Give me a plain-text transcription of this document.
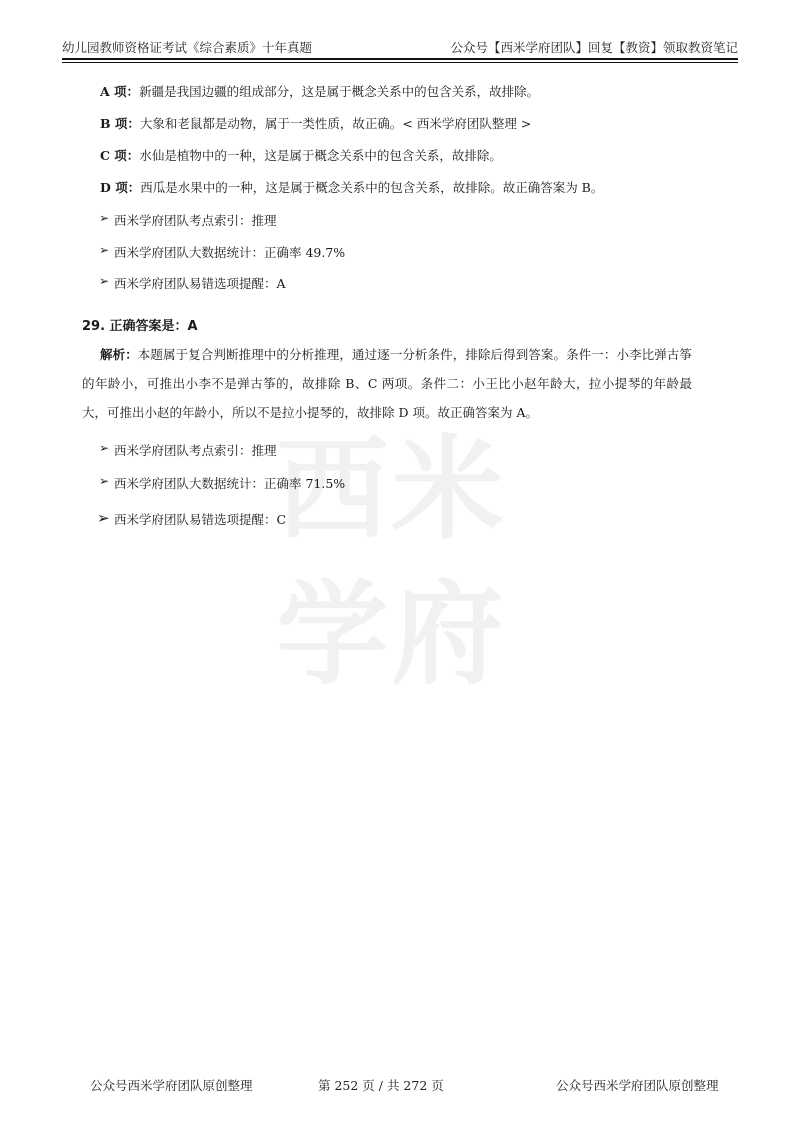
幼儿园教师资格证考试《综合素质》十年真题	公众号【西米学府团队】回复【教资】领取教资笔记
西 米
学 府
A 项：新疆是我国边疆的组成部分，这是属于概念关系中的包含关系，故排除。
B 项：大象和老鼠都是动物，属于一类性质，故正确。< 西米学府团队整理 >
C 项：水仙是植物中的一种，这是属于概念关系中的包含关系，故排除。
D 项：西瓜是水果中的一种，这是属于概念关系中的包含关系，故排除。故正确答案为 B。
➢ 西米学府团队考点索引：推理
➢ 西米学府团队大数据统计：正确率 49.7%
➢ 西米学府团队易错选项提醒：A
29. 正确答案是：A
解析：本题属于复合判断推理中的分析推理，通过逐一分析条件，排除后得到答案。条件一：小李比弹古筝的年龄小，可推出小李不是弹古筝的，故排除 B、C 两项。条件二：小王比小赵年龄大，拉小提琴的年龄最大，可推出小赵的年龄小，所以不是拉小提琴的，故排除 D 项。故正确答案为 A。
➢ 西米学府团队考点索引：推理
➢ 西米学府团队大数据统计：正确率 71.5%
➢ 西米学府团队易错选项提醒：C
公众号西米学府团队原创整理	第 252 页 / 共 272 页	公众号西米学府团队原创整理
